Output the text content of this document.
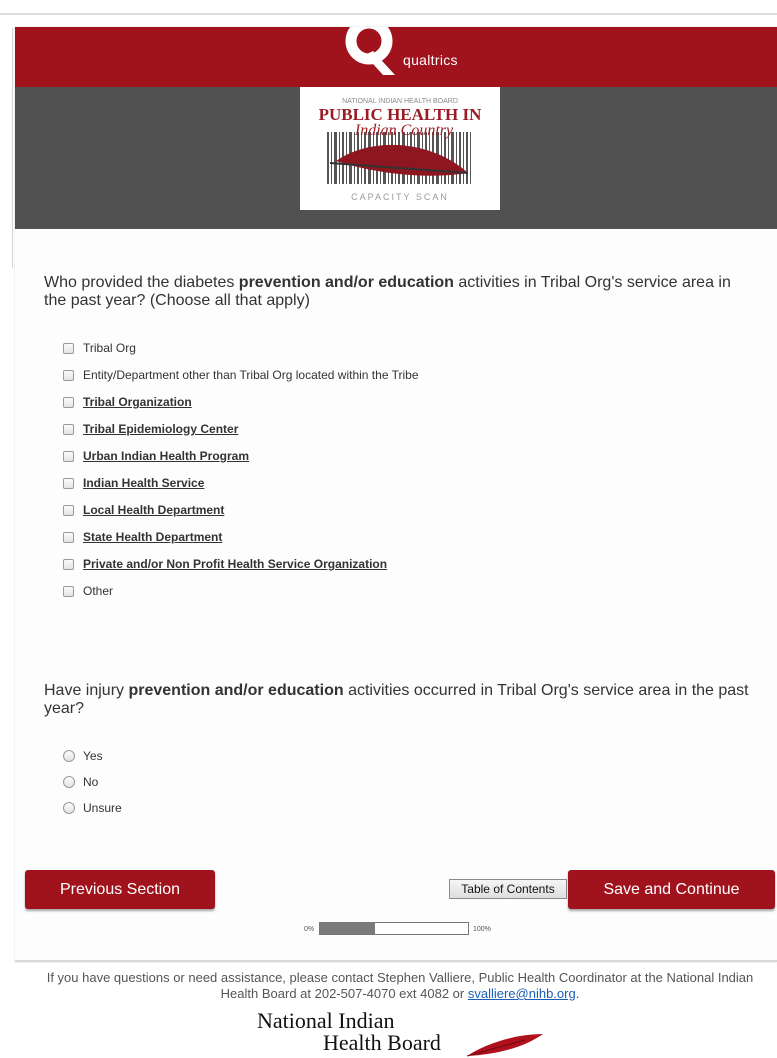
qualtrics
NATIONAL INDIAN HEALTH BOARD
PUBLIC HEALTH IN
Indian Country
CAPACITY SCAN
Who provided the diabetes prevention and/or education activities in Tribal Org's service area in the past year? (Choose all that apply)
Tribal Org
Entity/Department other than Tribal Org located within the Tribe
Tribal Organization
Tribal Epidemiology Center
Urban Indian Health Program
Indian Health Service
Local Health Department
State Health Department
Private and/or Non Profit Health Service Organization
Other
Have injury prevention and/or education activities occurred in Tribal Org's service area in the past year?
Yes
No
Unsure
Previous Section	Table of Contents	Save and Continue
0%	100%
If you have questions or need assistance, please contact Stephen Valliere, Public Health Coordinator at the National Indian Health Board at 202-507-4070 ext 4082 or svalliere@nihb.org.
National Indian
Health Board
